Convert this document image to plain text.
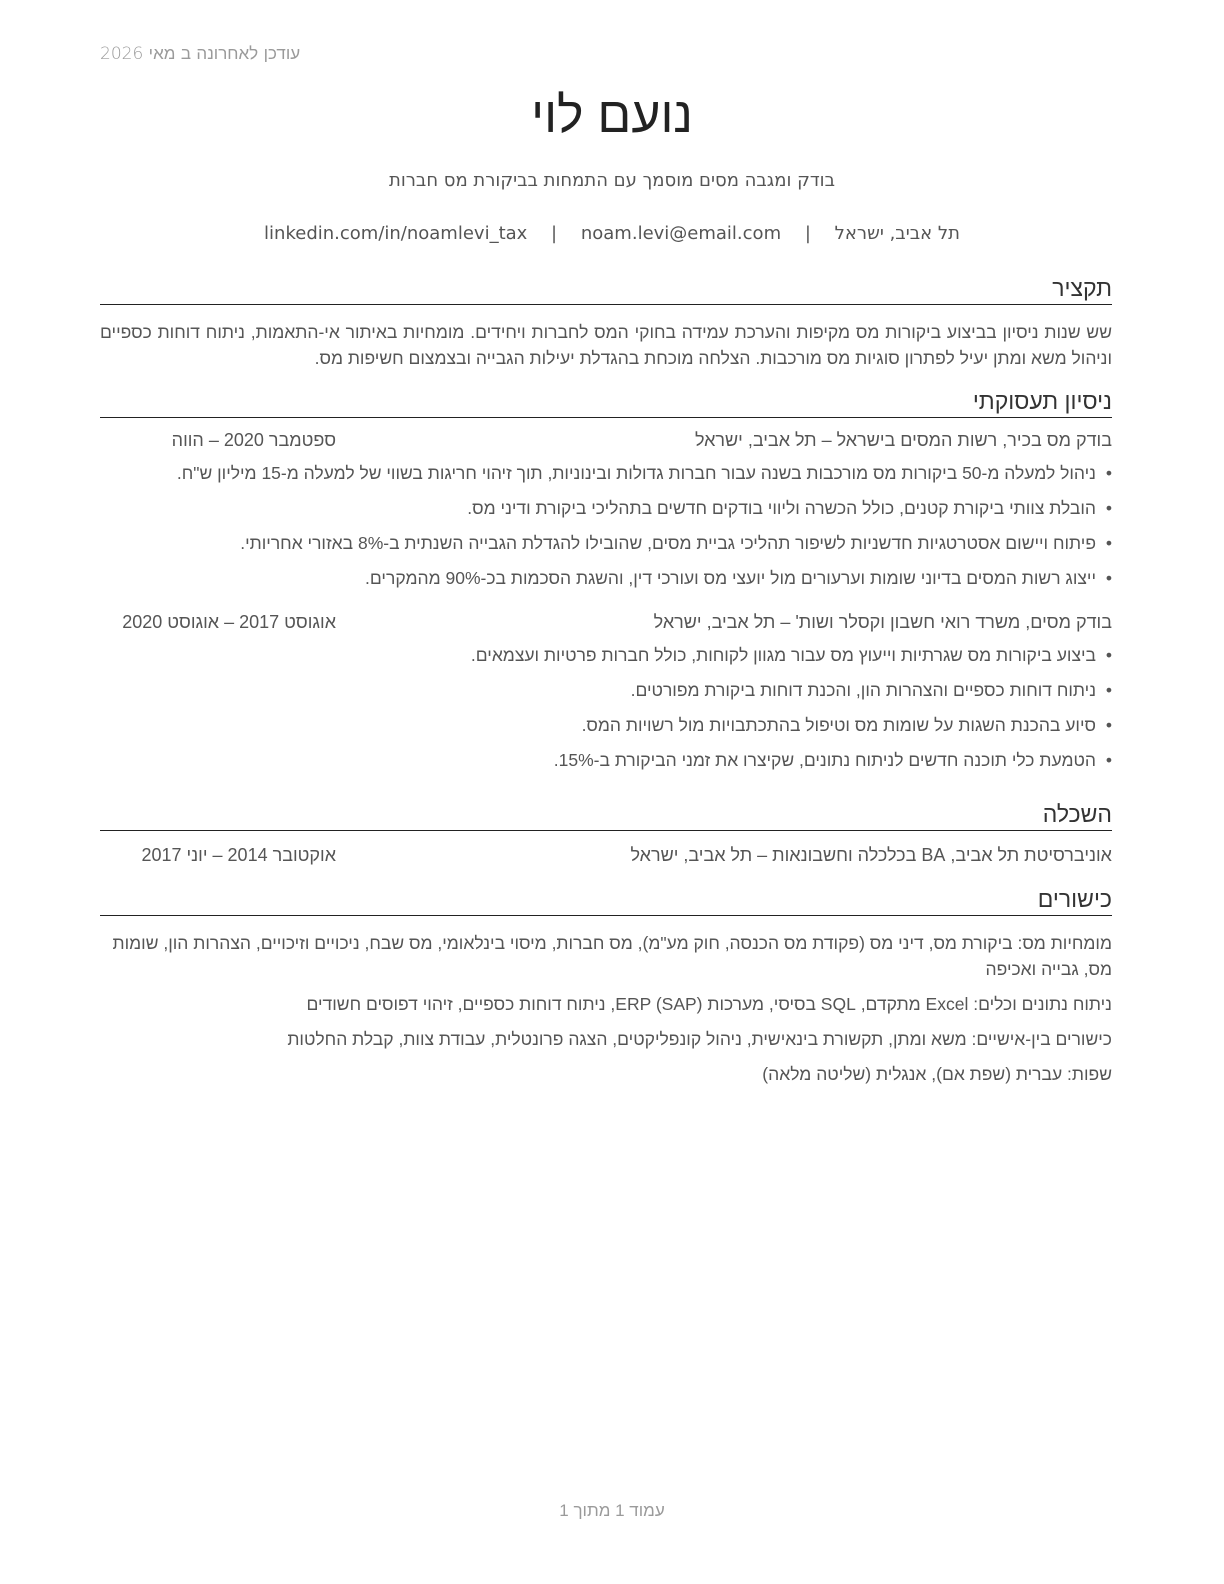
עודכן לאחרונה ב מאי 2026
נועם לוי
בודק ומגבה מסים מוסמך עם התמחות בביקורת מס חברות
תל אביב, ישראל | noam.levi@email.com | linkedin.com/in/noamlevi_tax
תקציר

שש שנות ניסיון בביצוע ביקורות מס מקיפות והערכת עמידה בחוקי המס לחברות ויחידים. מומחיות באיתור אי-התאמות, ניתוח דוחות כספיים וניהול משא ומתן יעיל לפתרון סוגיות מס מורכבות. הצלחה מוכחת בהגדלת יעילות הגבייה ובצמצום חשיפות מס.

ניסיון תעסוקתי
בודק מס בכיר, רשות המסים בישראל – תל אביב, ישראל
ספטמבר 2020 – הווה
•
ניהול למעלה מ-50 ביקורות מס מורכבות בשנה עבור חברות גדולות ובינוניות, תוך זיהוי חריגות בשווי של למעלה מ-15 מיליון ש"ח.
•
הובלת צוותי ביקורת קטנים, כולל הכשרה וליווי בודקים חדשים בתהליכי ביקורת ודיני מס.
•
פיתוח ויישום אסטרטגיות חדשניות לשיפור תהליכי גביית מסים, שהובילו להגדלת הגבייה השנתית ב-8% באזורי אחריותי.
•
ייצוג רשות המסים בדיוני שומות וערעורים מול יועצי מס ועורכי דין, והשגת הסכמות בכ-90% מהמקרים.
בודק מסים, משרד רואי חשבון וקסלר ושות' – תל אביב, ישראל
אוגוסט 2017 – אוגוסט 2020
•
ביצוע ביקורות מס שגרתיות וייעוץ מס עבור מגוון לקוחות, כולל חברות פרטיות ועצמאים.
•
ניתוח דוחות כספיים והצהרות הון, והכנת דוחות ביקורת מפורטים.
•
סיוע בהכנת השגות על שומות מס וטיפול בהתכתבויות מול רשויות המס.
•
הטמעת כלי תוכנה חדשים לניתוח נתונים, שקיצרו את זמני הביקורת ב-15%.
השכלה
אוניברסיטת תל אביב, BA בכלכלה וחשבונאות – תל אביב, ישראל
אוקטובר 2014 – יוני 2017
כישורים
מומחיות מס: ביקורת מס, דיני מס (פקודת מס הכנסה, חוק מע"מ), מס חברות, מיסוי בינלאומי, מס שבח, ניכויים וזיכויים, הצהרות הון, שומות מס, גבייה ואכיפה
ניתוח נתונים וכלים: Excel מתקדם, SQL בסיסי, מערכות ERP (SAP), ניתוח דוחות כספיים, זיהוי דפוסים חשודים
כישורים בין-אישיים: משא ומתן, תקשורת בינאישית, ניהול קונפליקטים, הצגה פרונטלית, עבודת צוות, קבלת החלטות
שפות: עברית (שפת אם), אנגלית (שליטה מלאה)
עמוד 1 מתוך 1
